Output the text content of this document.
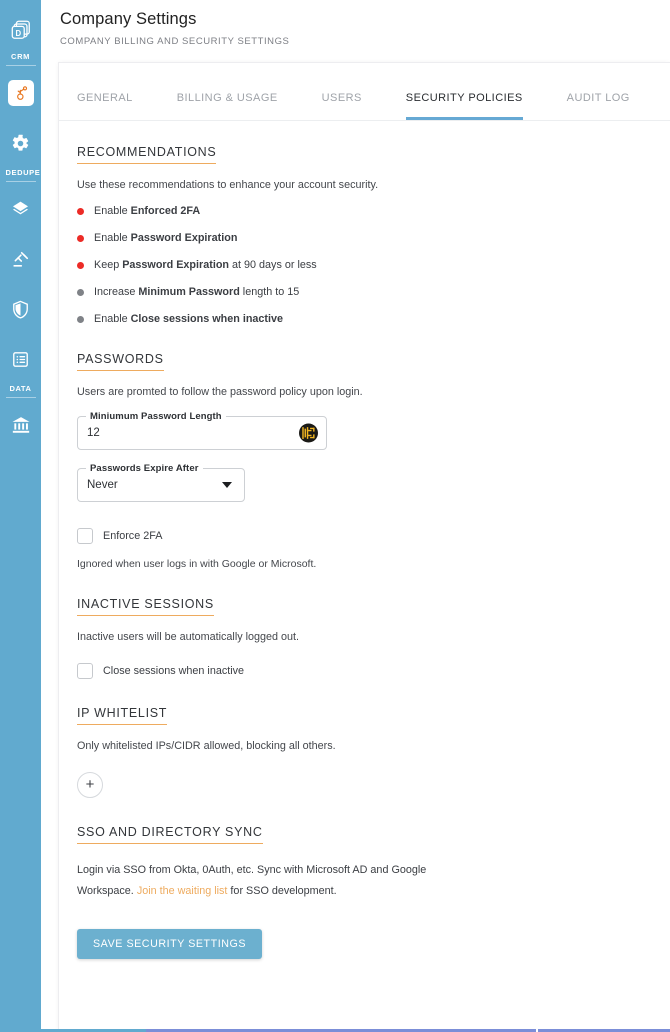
D
CRM
DEDUPE
DATA
Company Settings
COMPANY BILLING AND SECURITY SETTINGS
GENERAL	BILLING & USAGE	USERS	SECURITY POLICIES	AUDIT LOG
RECOMMENDATIONS
Use these recommendations to enhance your account security.
Enable Enforced 2FA
Enable Password Expiration
Keep Password Expiration at 90 days or less
Increase Minimum Password length to 15
Enable Close sessions when inactive
PASSWORDS
Users are promted to follow the password policy upon login.
Miniumum Password Length
12
Passwords Expire After
Never
Enforce 2FA
Ignored when user logs in with Google or Microsoft.
INACTIVE SESSIONS
Inactive users will be automatically logged out.
Close sessions when inactive
IP WHITELIST
Only whitelisted IPs/CIDR allowed, blocking all others.
+
SSO AND DIRECTORY SYNC
Login via SSO from Okta, 0Auth, etc. Sync with Microsoft AD and Google Workspace. Join the waiting list for SSO development.
SAVE SECURITY SETTINGS
